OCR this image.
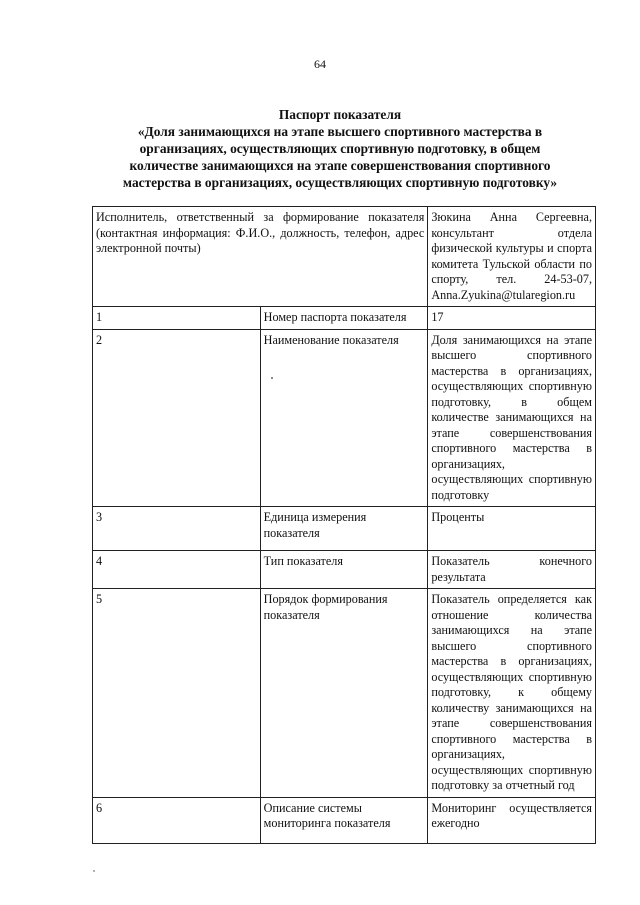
64
Паспорт показателя
«Доля занимающихся на этапе высшего спортивного мастерства в
организациях, осуществляющих спортивную подготовку, в общем
количестве занимающихся на этапе совершенствования спортивного
мастерства в организациях, осуществляющих спортивную подготовку»
Исполнитель, ответственный за формирование показателя (контактная информация: Ф.И.О., должность, телефон, адрес электронной почты)		Зюкина Анна Сергеевна, консультант отдела физической культуры и спорта комитета Тульской области по спорту, тел. 24-53-07, Anna.Zyukina@tularegion.ru
1	Номер паспорта показателя	17
2	Наименование показателя	Доля занимающихся на этапе высшего спортивного мастерства в организациях, осуществляющих спортивную подготовку, в общем количестве занимающихся на этапе совершенствования спортивного мастерства в организациях, осуществляющих спортивную подготовку
3	Единица измерения показателя	Проценты
4	Тип показателя	Показатель конечного результата
5	Порядок формирования показателя	Показатель определяется как отношение количества занимающихся на этапе высшего спортивного мастерства в организациях, осуществляющих спортивную подготовку, к общему количеству занимающихся на этапе совершенствования спортивного мастерства в организациях, осуществляющих спортивную подготовку за отчетный год
6	Описание системы мониторинга показателя	Мониторинг осуществляется ежегодно
